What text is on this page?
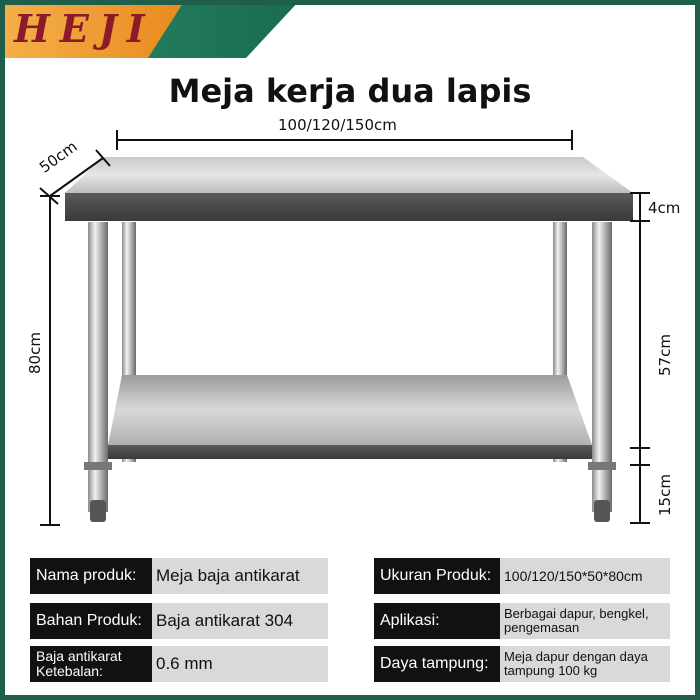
HEJI
Meja kerja dua lapis
100/120/150cm
50cm
4cm
80cm	57cm
15cm
Nama produk:	Meja baja antikarat
Bahan Produk: Baja antikarat 304
Baja antikarat
Ketebalan:	0.6 mm
Ukuran Produk: 100/120/150*50*80cm
Aplikasi:	Berbagai dapur, bengkel,
pengemasan
Daya tampung:	Meja dapur dengan daya
tampung 100 kg
